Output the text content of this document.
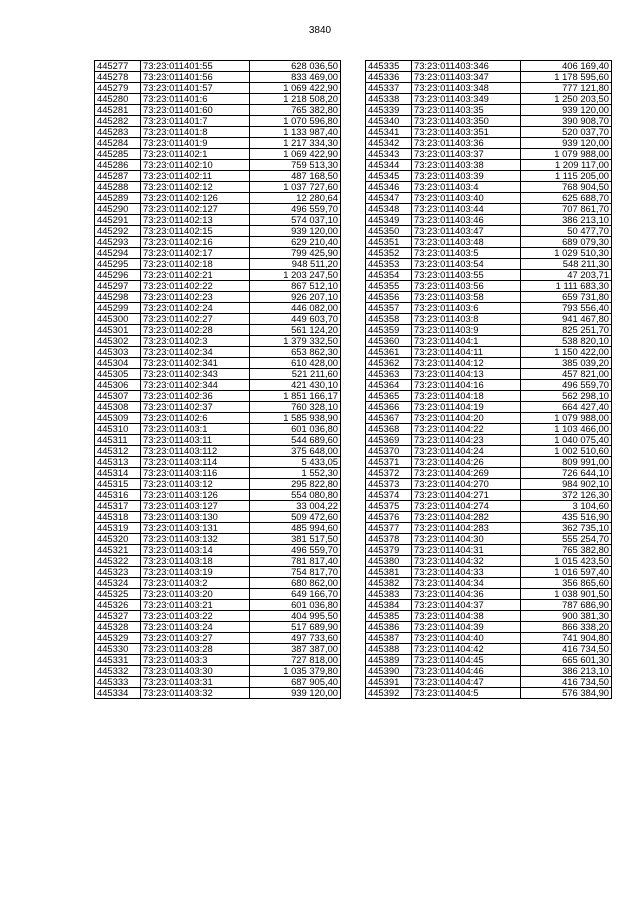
3840
445277	73:23:011401:55	628 036,50
445278	73:23:011401:56	833 469,00
445279	73:23:011401:57	1 069 422,90
445280	73:23:011401:6	1 218 508,20
445281	73:23:011401:60	765 382,80
445282	73:23:011401:7	1 070 596,80
445283	73:23:011401:8	1 133 987,40
445284	73:23:011401:9	1 217 334,30
445285	73:23:011402:1	1 069 422,90
445286	73:23:011402:10	759 513,30
445287	73:23:011402:11	487 168,50
445288	73:23:011402:12	1 037 727,60
445289	73:23:011402:126	12 280,64
445290	73:23:011402:127	496 559,70
445291	73:23:011402:13	574 037,10
445292	73:23:011402:15	939 120,00
445293	73:23:011402:16	629 210,40
445294	73:23:011402:17	799 425,90
445295	73:23:011402:18	948 511,20
445296	73:23:011402:21	1 203 247,50
445297	73:23:011402:22	867 512,10
445298	73:23:011402:23	926 207,10
445299	73:23:011402:24	446 082,00
445300	73:23:011402:27	449 603,70
445301	73:23:011402:28	561 124,20
445302	73:23:011402:3	1 379 332,50
445303	73:23:011402:34	653 862,30
445304	73:23:011402:341	610 428,00
445305	73:23:011402:343	521 211,60
445306	73:23:011402:344	421 430,10
445307	73:23:011402:36	1 851 166,17
445308	73:23:011402:37	760 328,10
445309	73:23:011402:6	1 585 938,90
445310	73:23:011403:1	601 036,80
445311	73:23:011403:11	544 689,60
445312	73:23:011403:112	375 648,00
445313	73:23:011403:114	5 433,05
445314	73:23:011403:116	1 552,30
445315	73:23:011403:12	295 822,80
445316	73:23:011403:126	554 080,80
445317	73:23:011403:127	33 004,22
445318	73:23:011403:130	509 472,60
445319	73:23:011403:131	485 994,60
445320	73:23:011403:132	381 517,50
445321	73:23:011403:14	496 559,70
445322	73:23:011403:18	781 817,40
445323	73:23:011403:19	754 817,70
445324	73:23:011403:2	680 862,00
445325	73:23:011403:20	649 166,70
445326	73:23:011403:21	601 036,80
445327	73:23:011403:22	404 995,50
445328	73:23:011403:24	517 689,90
445329	73:23:011403:27	497 733,60
445330	73:23:011403:28	387 387,00
445331	73:23:011403:3	727 818,00
445332	73:23:011403:30	1 035 379,80
445333	73:23:011403:31	687 905,40
445334	73:23:011403:32	939 120,00
445335	73:23:011403:346	406 169,40
445336	73:23:011403:347	1 178 595,60
445337	73:23:011403:348	777 121,80
445338	73:23:011403:349	1 250 203,50
445339	73:23:011403:35	939 120,00
445340	73:23:011403:350	390 908,70
445341	73:23:011403:351	520 037,70
445342	73:23:011403:36	939 120,00
445343	73:23:011403:37	1 079 988,00
445344	73:23:011403:38	1 209 117,00
445345	73:23:011403:39	1 115 205,00
445346	73:23:011403:4	768 904,50
445347	73:23:011403:40	625 688,70
445348	73:23:011403:44	707 861,70
445349	73:23:011403:46	386 213,10
445350	73:23:011403:47	50 477,70
445351	73:23:011403:48	689 079,30
445352	73:23:011403:5	1 029 510,30
445353	73:23:011403:54	548 211,30
445354	73:23:011403:55	47 203,71
445355	73:23:011403:56	1 111 683,30
445356	73:23:011403:58	659 731,80
445357	73:23:011403:6	793 556,40
445358	73:23:011403:8	941 467,80
445359	73:23:011403:9	825 251,70
445360	73:23:011404:1	538 820,10
445361	73:23:011404:11	1 150 422,00
445362	73:23:011404:12	385 039,20
445363	73:23:011404:13	457 821,00
445364	73:23:011404:16	496 559,70
445365	73:23:011404:18	562 298,10
445366	73:23:011404:19	664 427,40
445367	73:23:011404:20	1 079 988,00
445368	73:23:011404:22	1 103 466,00
445369	73:23:011404:23	1 040 075,40
445370	73:23:011404:24	1 002 510,60
445371	73:23:011404:26	809 991,00
445372	73:23:011404:269	726 644,10
445373	73:23:011404:270	984 902,10
445374	73:23:011404:271	372 126,30
445375	73:23:011404:274	3 104,60
445376	73:23:011404:282	435 516,90
445377	73:23:011404:283	362 735,10
445378	73:23:011404:30	555 254,70
445379	73:23:011404:31	765 382,80
445380	73:23:011404:32	1 015 423,50
445381	73:23:011404:33	1 016 597,40
445382	73:23:011404:34	356 865,60
445383	73:23:011404:36	1 038 901,50
445384	73:23:011404:37	787 686,90
445385	73:23:011404:38	900 381,30
445386	73:23:011404:39	866 338,20
445387	73:23:011404:40	741 904,80
445388	73:23:011404:42	416 734,50
445389	73:23:011404:45	665 601,30
445390	73:23:011404:46	386 213,10
445391	73:23:011404:47	416 734,50
445392	73:23:011404:5	576 384,90
